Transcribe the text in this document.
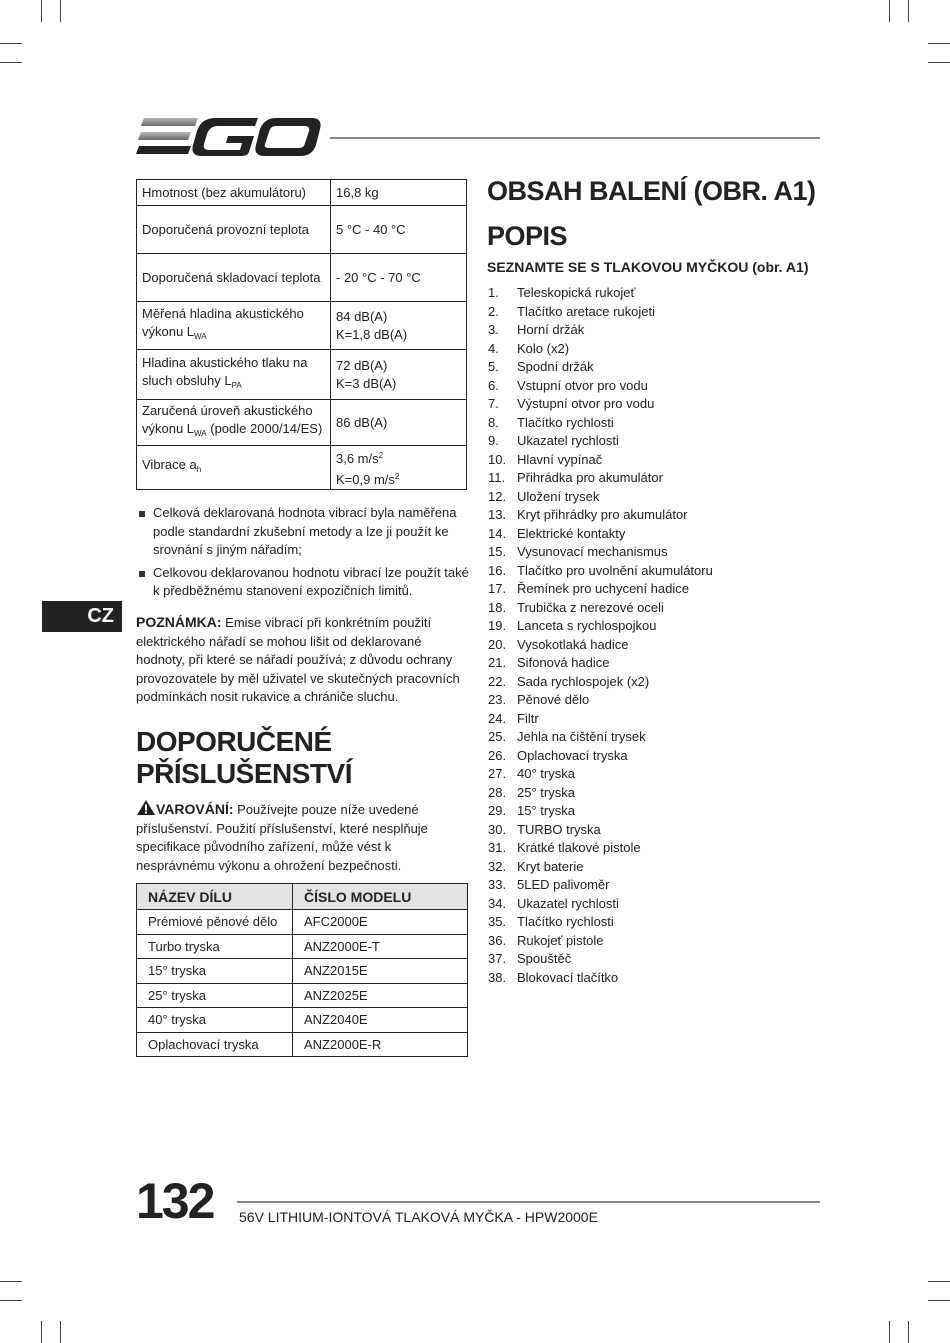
Hmotnost (bez akumulátoru)	16,8 kg
Doporučená provozní teplota	5 °C - 40 °C
Doporučená skladovací teplota	- 20 °C - 70 °C
Měřená hladina akustického výkonu $L_{WA}$	84 dB(A)
K=1,8 dB(A)
Hladina akustického tlaku na sluch obsluhy $L_{PA}$	72 dB(A)
K=3 dB(A)
Zaručená úroveň akustického výkonu $L_{WA}$ (podle 2000/14/ES)	86 dB(A)
Vibrace $a_h$	3,6 $m/s^2$
K=0,9 $m/s^2$
Celková deklarovaná hodnota vibrací byla naměřena podle standardní zkušební metody a lze ji použít ke srovnání s jiným nářadím;
Celkovou deklarovanou hodnotu vibrací lze použít také k předběžnému stanovení expozičních limitů.
CZ	POZNÁMKA: Emise vibrací při konkrétním použití elektrického nářadí se mohou lišit od deklarované hodnoty, při které se nářadí používá; z důvodu ochrany provozovatele by měl uživatel ve skutečných pracovních podmínkách nosit rukavice a chrániče sluchu.
DOPORUČENÉ
PŘÍSLUŠENSTVÍ
VAROVÁNÍ: Používejte pouze níže uvedené příslušenství. Použití příslušenství, které nesplňuje specifikace původního zařízení, může vést k nesprávnému výkonu a ohrožení bezpečnosti.
NÁZEV DÍLU	ČÍSLO MODELU
Prémiové pěnové dělo	AFC2000E
Turbo tryska	ANZ2000E-T
15° tryska	ANZ2015E
25° tryska	ANZ2025E
40° tryska	ANZ2040E
Oplachovací tryska	ANZ2000E-R
OBSAH BALENÍ (OBR. A1)
POPIS
SEZNAMTE SE S TLAKOVOU MYČKOU (obr. A1)
1. Teleskopická rukojeť
2. Tlačítko aretace rukojeti
3. Horní držák
4. Kolo (x2)
5. Spodní držák
6. Vstupní otvor pro vodu
7. Výstupní otvor pro vodu
8. Tlačítko rychlosti
9. Ukazatel rychlosti
10. Hlavní vypínač
11. Přihrádka pro akumulátor
12. Uložení trysek
13. Kryt přihrádky pro akumulátor
14. Elektrické kontakty
15. Vysunovací mechanismus
16. Tlačítko pro uvolnění akumulátoru
17. Řemínek pro uchycení hadice
18. Trubička z nerezové oceli
19. Lanceta s rychlospojkou
20. Vysokotlaká hadice
21. Sifonová hadice
22. Sada rychlospojek (x2)
23. Pěnové dělo
24. Filtr
25. Jehla na čištění trysek
26. Oplachovací tryska
27. 40° tryska
28. 25° tryska
29. 15° tryska
30. TURBO tryska
31. Krátké tlakové pistole
32. Kryt baterie
33. 5LED palivoměr
34. Ukazatel rychlosti
35. Tlačítko rychlosti
36. Rukojeť pistole
37. Spouštěč
38. Blokovací tlačítko
132 56V LITHIUM-IONTOVÁ TLAKOVÁ MYČKA - HPW2000E
